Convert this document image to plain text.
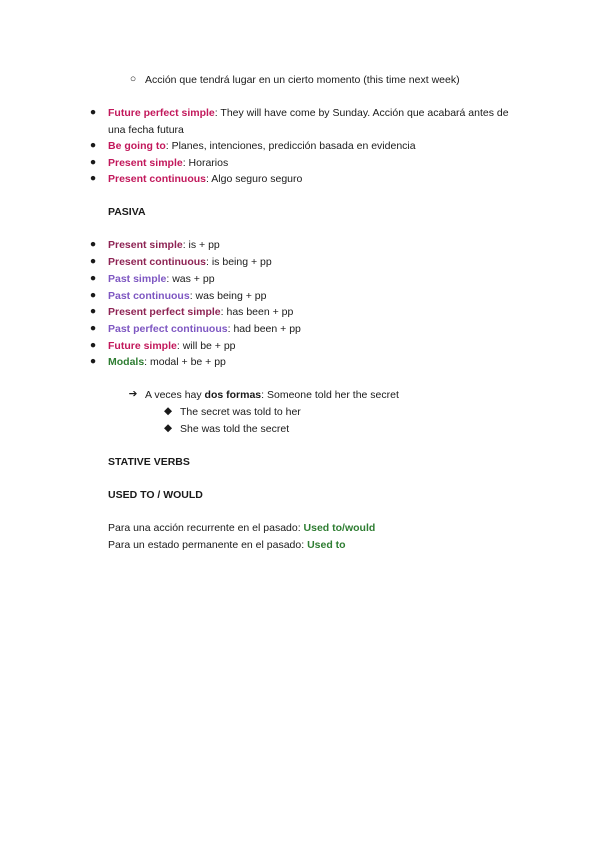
○ Acción que tendrá lugar en un cierto momento (this time next week)
● Future perfect simple: They will have come by Sunday. Acción que acabará antes de
una fecha futura
● Be going to: Planes, intenciones, predicción basada en evidencia
● Present simple: Horarios
● Present continuous: Algo seguro seguro
PASIVA
● Present simple: is + pp
● Present continuous: is being + pp
● Past simple: was + pp
● Past continuous: was being + pp
● Present perfect simple: has been + pp
● Past perfect continuous: had been + pp
● Future simple: will be + pp
● Modals: modal + be + pp
➔ A veces hay dos formas: Someone told her the secret
◆ The secret was told to her
◆ She was told the secret
STATIVE VERBS
USED TO / WOULD
Para una acción recurrente en el pasado: Used to/would
Para un estado permanente en el pasado: Used to
